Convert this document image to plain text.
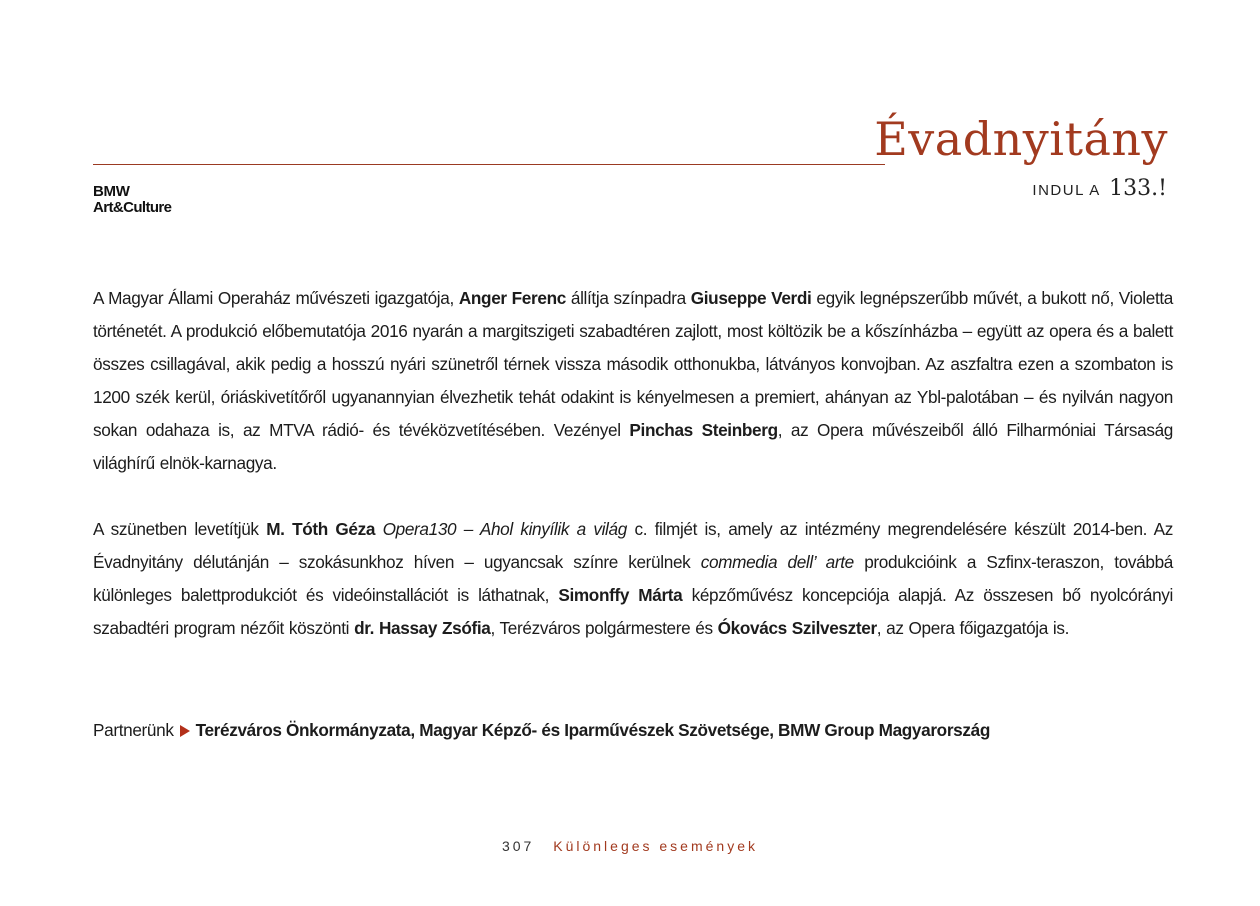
Évadnyitány
INDUL A 133.!
BMW
Art&Culture

A Magyar Állami Operaház művészeti igazgatója, Anger Ferenc állítja színpadra Giuseppe Verdi egyik legnépszerűbb művét, a bukott nő, Violetta történetét. A produkció előbemutatója 2016 nyarán a margitszigeti szabadtéren zajlott, most költözik be a kőszínházba – együtt az opera és a balett összes csillagával, akik pedig a hosszú nyári szünetről térnek vissza második otthonukba, látványos konvojban. Az aszfaltra ezen a szombaton is 1200 szék kerül, óriáskivetítőről ugyanannyian élvezhetik tehát odakint is kényelmesen a premiert, ahányan az Ybl-palotában – és nyilván nagyon sokan odahaza is, az MTVA rádió- és tévéközvetítésében. Vezényel Pinchas Steinberg, az Opera művészeiből álló Filharmóniai Társaság világhírű elnök-karnagya.

A szünetben levetítjük M. Tóth Géza Opera130 – Ahol kinyílik a világ c. filmjét is, amely az intézmény megrendelésére készült 2014-ben. Az Évadnyitány délutánján – szokásunkhoz híven – ugyancsak színre kerülnek commedia dell’ arte produkcióink a Szfinx-teraszon, továbbá különleges balettprodukciót és videóinstallációt is láthatnak, Simonffy Márta képzőművész koncepciója alapjá. Az összesen bő nyolcórányi szabadtéri program nézőit köszönti dr. Hassay Zsófia, Terézváros polgármestere és Ókovács Szilveszter, az Opera főigazgatója is.

Partnerünk Terézváros Önkormányzata, Magyar Képző- és Iparművészek Szövetsége, BMW Group Magyarország
307 Különleges események
